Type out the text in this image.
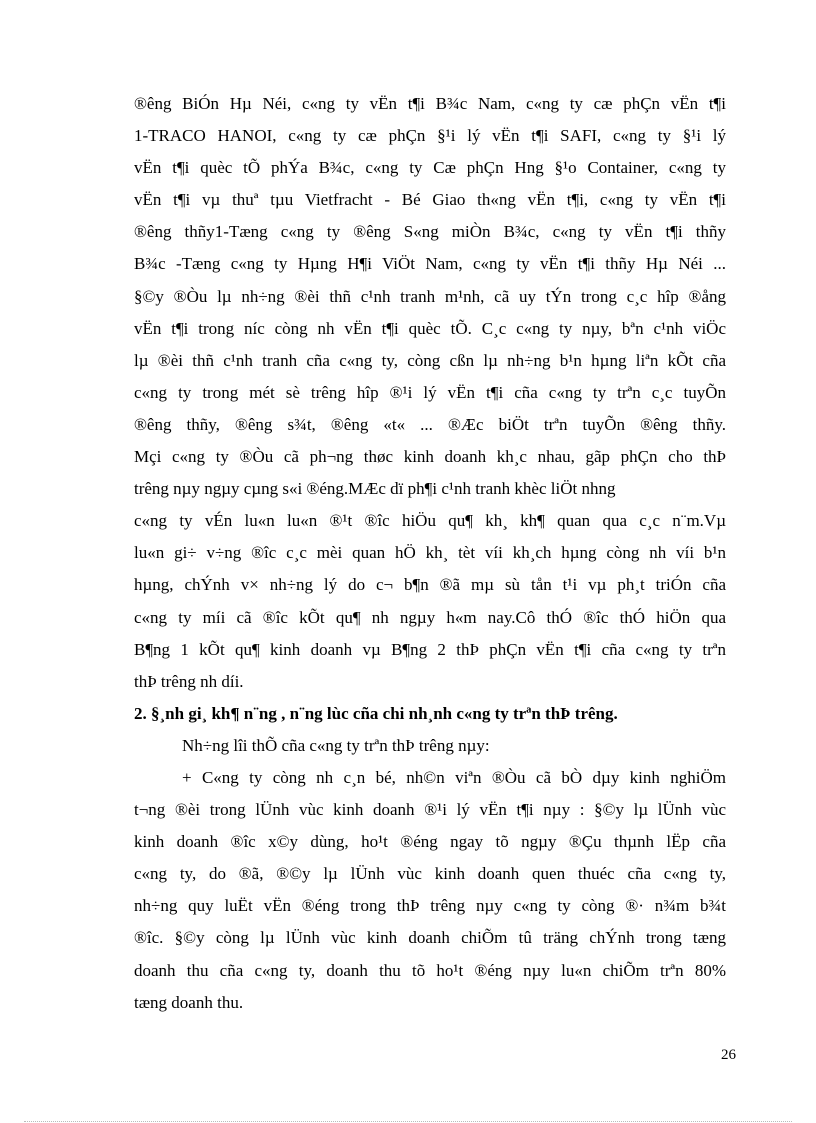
®êng BiÓn Hµ Néi, c«ng ty vËn t¶i B¾c Nam, c«ng ty cæ phÇn vËn t¶i
1-TRACO HANOI, c«ng ty cæ phÇn §¹i lý vËn t¶i SAFI, c«ng ty §¹i lý
vËn t¶i quèc tÕ phÝa B¾c, c«ng ty Cæ phÇn Hng §¹o Container, c«ng ty
vËn t¶i vµ thuª tµu Vietfracht - Bé Giao th«ng vËn t¶i, c«ng ty vËn t¶i
®êng thñy1-Tæng c«ng ty ®êng S«ng miÒn B¾c, c«ng ty vËn t¶i thñy
B¾c -Tæng c«ng ty Hµng H¶i ViÖt Nam, c«ng ty vËn t¶i thñy Hµ Néi ...
§©y ®Òu lµ nh÷ng ®èi thñ c¹nh tranh m¹nh, cã uy tÝn trong c¸c hîp ®ång
vËn t¶i trong níc còng nh vËn t¶i quèc tÕ. C¸c c«ng ty nµy, bªn c¹nh viÖc
lµ ®èi thñ c¹nh tranh cña c«ng ty, còng cßn lµ nh÷ng b¹n hµng liªn kÕt cña
c«ng ty trong mét sè trêng hîp ®¹i lý vËn t¶i cña c«ng ty trªn c¸c tuyÕn
®êng thñy, ®êng s¾t, ®êng «t« ... ®Æc biÖt trªn tuyÕn ®êng thñy.
Mçi c«ng ty ®Òu cã ph¬ng thøc kinh doanh kh¸c nhau, gãp phÇn cho thÞ
trêng nµy ngµy cµng s«i ®éng.MÆc dï ph¶i c¹nh tranh khèc liÖt nhng
c«ng ty vÉn lu«n lu«n ®¹t ®îc hiÖu qu¶ kh¸ kh¶ quan qua c¸c n¨m.Vµ
lu«n gi÷ v÷ng ®îc c¸c mèi quan hÖ kh¸ tèt víi kh¸ch hµng còng nh víi b¹n
hµng, chÝnh v× nh÷ng lý do c¬ b¶n ®ã mµ sù tån t¹i vµ ph¸t triÓn cña
c«ng ty míi cã ®îc kÕt qu¶ nh ngµy h«m nay.Cô thÓ ®îc thÓ hiÖn qua
B¶ng 1 kÕt qu¶ kinh doanh vµ B¶ng 2 thÞ phÇn vËn t¶i cña c«ng ty trªn
thÞ trêng nh díi.

2. §¸nh gi¸ kh¶ n¨ng , n¨ng lùc cña chi nh¸nh c«ng ty trªn thÞ trêng.

Nh÷ng lîi thÕ cña c«ng ty trªn thÞ trêng nµy:

+ C«ng ty còng nh c¸n bé, nh©n viªn ®Òu cã bÒ dµy kinh nghiÖm
t¬ng ®èi trong lÜnh vùc kinh doanh ®¹i lý vËn t¶i nµy : §©y lµ lÜnh vùc
kinh doanh ®îc x©y dùng, ho¹t ®éng ngay tõ ngµy ®Çu thµnh lËp cña
c«ng ty, do ®ã, ®©y lµ lÜnh vùc kinh doanh quen thuéc cña c«ng ty,
nh÷ng quy luËt vËn ®éng trong thÞ trêng nµy c«ng ty còng ®· n¾m b¾t
®îc. §©y còng lµ lÜnh vùc kinh doanh chiÕm tû träng chÝnh trong tæng
doanh thu cña c«ng ty, doanh thu tõ ho¹t ®éng nµy lu«n chiÕm trªn 80%
tæng doanh thu.

26
